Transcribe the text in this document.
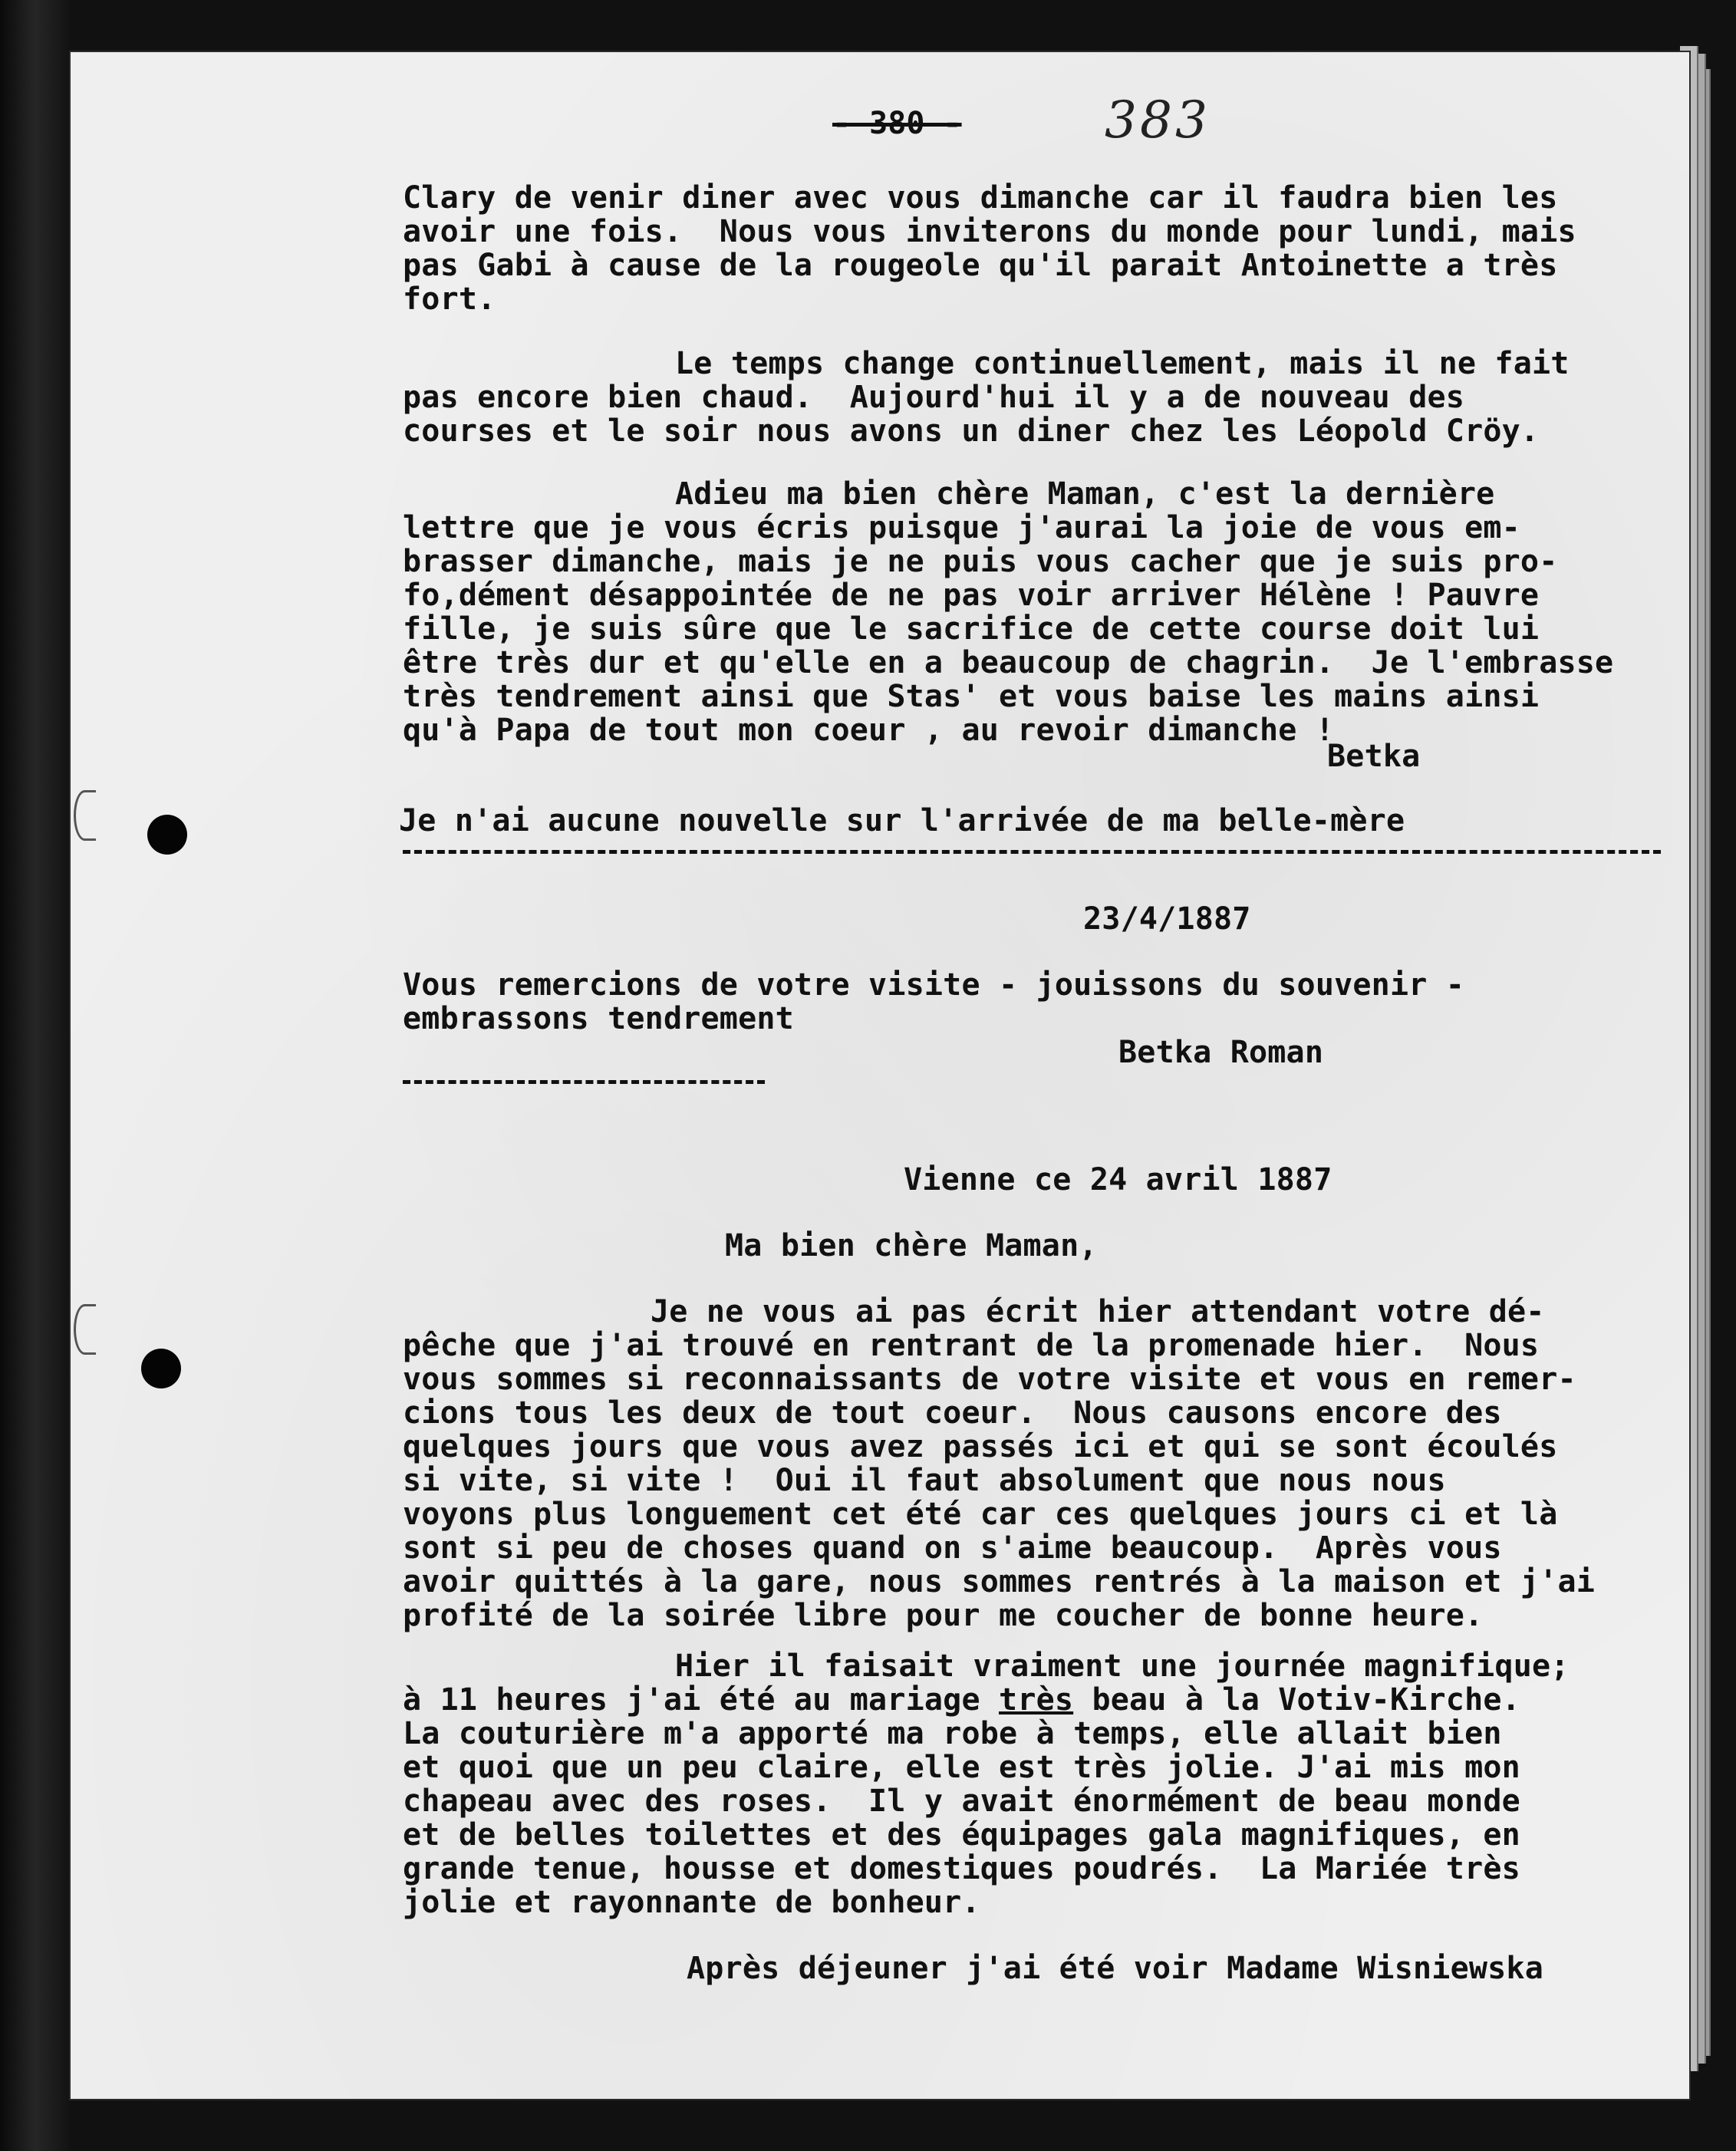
- 380 -	383
Clary de venir diner avec vous dimanche car il faudra bien les
avoir une fois.  Nous vous inviterons du monde pour lundi, mais
pas Gabi à cause de la rougeole qu'il parait Antoinette a très
fort.
Le temps change continuellement, mais il ne fait
pas encore bien chaud.  Aujourd'hui il y a de nouveau des
courses et le soir nous avons un diner chez les Léopold Cröy.
Adieu ma bien chère Maman, c'est la dernière
lettre que je vous écris puisque j'aurai la joie de vous em-
brasser dimanche, mais je ne puis vous cacher que je suis pro-
fo,dément désappointée de ne pas voir arriver Hélène ! Pauvre
fille, je suis sûre que le sacrifice de cette course doit lui
être très dur et qu'elle en a beaucoup de chagrin.  Je l'embrasse
très tendrement ainsi que Stas' et vous baise les mains ainsi
qu'à Papa de tout mon coeur , au revoir dimanche !
Betka
Je n'ai aucune nouvelle sur l'arrivée de ma belle-mère
23/4/1887
Vous remercions de votre visite - jouissons du souvenir -
embrassons tendrement
Betka Roman
Vienne ce 24 avril 1887
Ma bien chère Maman,
Je ne vous ai pas écrit hier attendant votre dé-
pêche que j'ai trouvé en rentrant de la promenade hier.  Nous
vous sommes si reconnaissants de votre visite et vous en remer-
cions tous les deux de tout coeur.  Nous causons encore des
quelques jours que vous avez passés ici et qui se sont écoulés
si vite, si vite !  Oui il faut absolument que nous nous
voyons plus longuement cet été car ces quelques jours ci et là
sont si peu de choses quand on s'aime beaucoup.  Après vous
avoir quittés à la gare, nous sommes rentrés à la maison et j'ai
profité de la soirée libre pour me coucher de bonne heure.
Hier il faisait vraiment une journée magnifique;
à 11 heures j'ai été au mariage très beau à la Votiv-Kirche.
La couturière m'a apporté ma robe à temps, elle allait bien
et quoi que un peu claire, elle est très jolie. J'ai mis mon
chapeau avec des roses.  Il y avait énormément de beau monde
et de belles toilettes et des équipages gala magnifiques, en
grande tenue, housse et domestiques poudrés.  La Mariée très
jolie et rayonnante de bonheur.
Après déjeuner j'ai été voir Madame Wisniewska
